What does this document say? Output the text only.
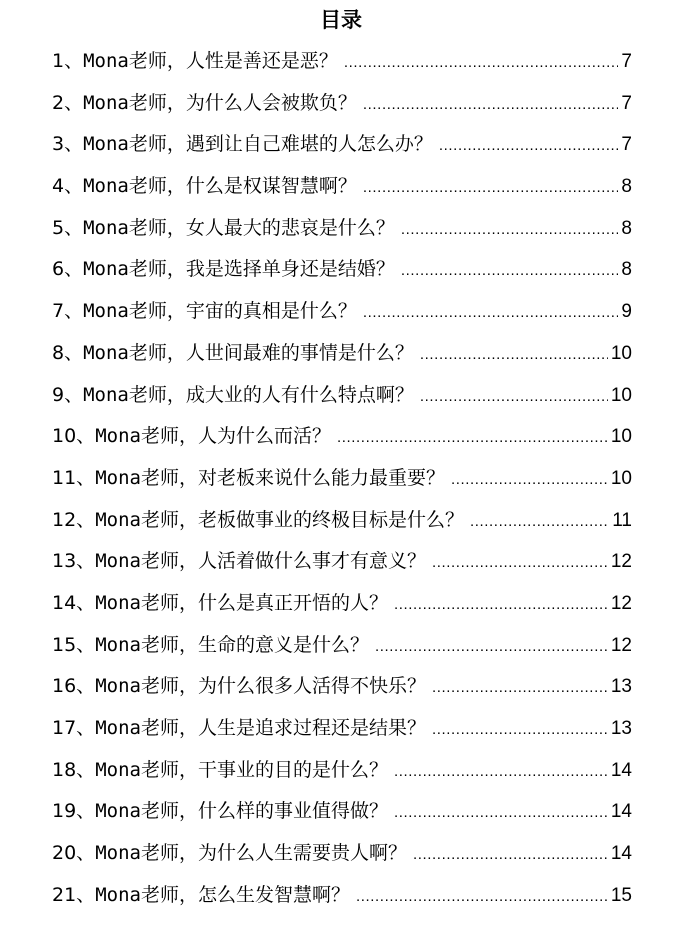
目录
1、Mona老师，人性是善还是恶？ .....	7
2、Mona老师，为什么人会被欺负？ .....	7
3、Mona老师，遇到让自己难堪的人怎么办？ .....	7
4、Mona老师，什么是权谋智慧啊？ .....	8
5、Mona老师，女人最大的悲哀是什么？ .....	8
6、Mona老师，我是选择单身还是结婚？ .....	8
7、Mona老师，宇宙的真相是什么？ .....	9
8、Mona老师，人世间最难的事情是什么？ .....	10
9、Mona老师，成大业的人有什么特点啊？ .....	10
10、Mona老师，人为什么而活？ .....	10
11、Mona老师，对老板来说什么能力最重要？ .....	10
12、Mona老师，老板做事业的终极目标是什么？ .....	11
13、Mona老师，人活着做什么事才有意义？ .....	12
14、Mona老师，什么是真正开悟的人？ .....	12
15、Mona老师，生命的意义是什么？ .....	12
16、Mona老师，为什么很多人活得不快乐？ .....	13
17、Mona老师，人生是追求过程还是结果？ .....	13
18、Mona老师，干事业的目的是什么？ .....	14
19、Mona老师，什么样的事业值得做？ .....	14
20、Mona老师，为什么人生需要贵人啊？ .....	14
21、Mona老师，怎么生发智慧啊？ .....	15
